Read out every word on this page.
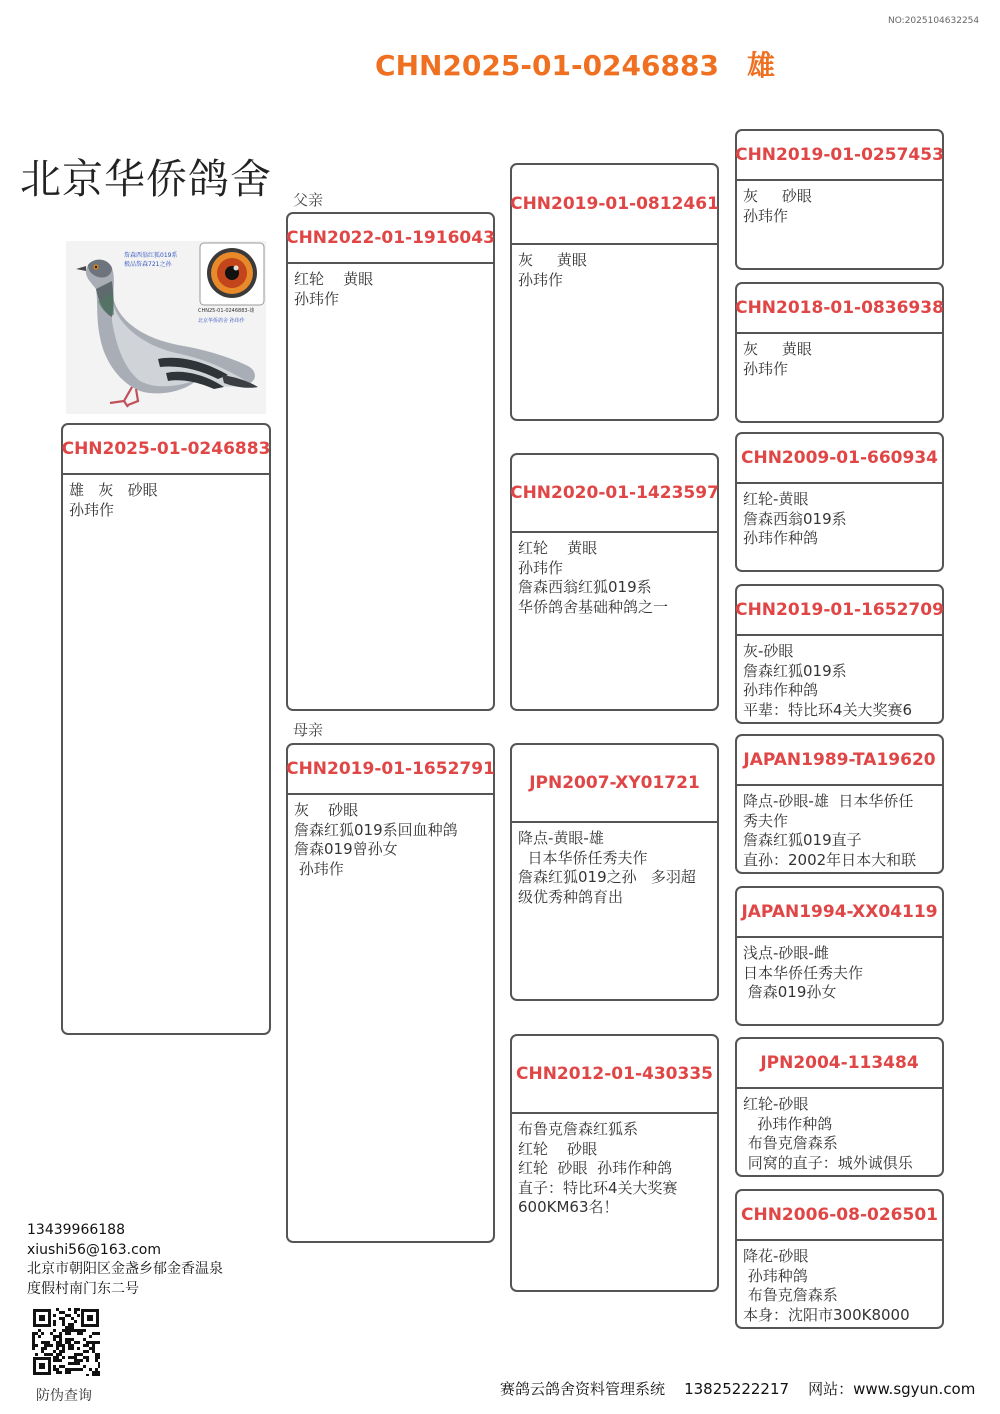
NO:2025104632254
CHN2025-01-0246883 雄
北京华侨鸽舍
詹森西翁红狐019系
极品詹森721之孙
CHN25-01-0246883-雄
北京华侨鸽舍 孙玮作
CHN2025-01-0246883
雄   灰   砂眼
孙玮作
父亲
CHN2022-01-1916043
红轮    黄眼
孙玮作
母亲
CHN2019-01-1652791
灰    砂眼
詹森红狐019系回血种鸽
詹森019曾孙女
孙玮作
CHN2019-01-0812461
灰     黄眼
孙玮作
CHN2020-01-1423597
红轮    黄眼
孙玮作
詹森西翁红狐019系
华侨鸽舍基础种鸽之一
JPN2007-XY01721
降点-黄眼-雄
日本华侨任秀夫作
詹森红狐019之孙   多羽超
级优秀种鸽育出
CHN2012-01-430335
布鲁克詹森红狐系
红轮    砂眼
红轮  砂眼  孙玮作种鸽
直子：特比环4关大奖赛
600KM63名！
CHN2019-01-0257453
灰     砂眼
孙玮作
CHN2018-01-0836938
灰     黄眼
孙玮作
CHN2009-01-660934
红轮-黄眼
詹森西翁019系
孙玮作种鸽
CHN2019-01-1652709
灰-砂眼
詹森红狐019系
孙玮作种鸽
平辈：特比环4关大奖赛6
JAPAN1989-TA19620
降点-砂眼-雄  日本华侨任
秀夫作
詹森红狐019直子
直孙：2002年日本大和联
JAPAN1994-XX04119
浅点-砂眼-雌
日本华侨任秀夫作
詹森019孙女
JPN2004-113484
红轮-砂眼
孙玮作种鸽
布鲁克詹森系
同窝的直子：城外诚俱乐
CHN2006-08-026501
降花-砂眼
孙玮种鸽
布鲁克詹森系
本身：沈阳市300K8000
13439966188
xiushi56@163.com
北京市朝阳区金盏乡郁金香温泉
度假村南门东二号
防伪查询	赛鸽云鸽舍资料管理系统    13825222217    网站：www.sgyun.com
